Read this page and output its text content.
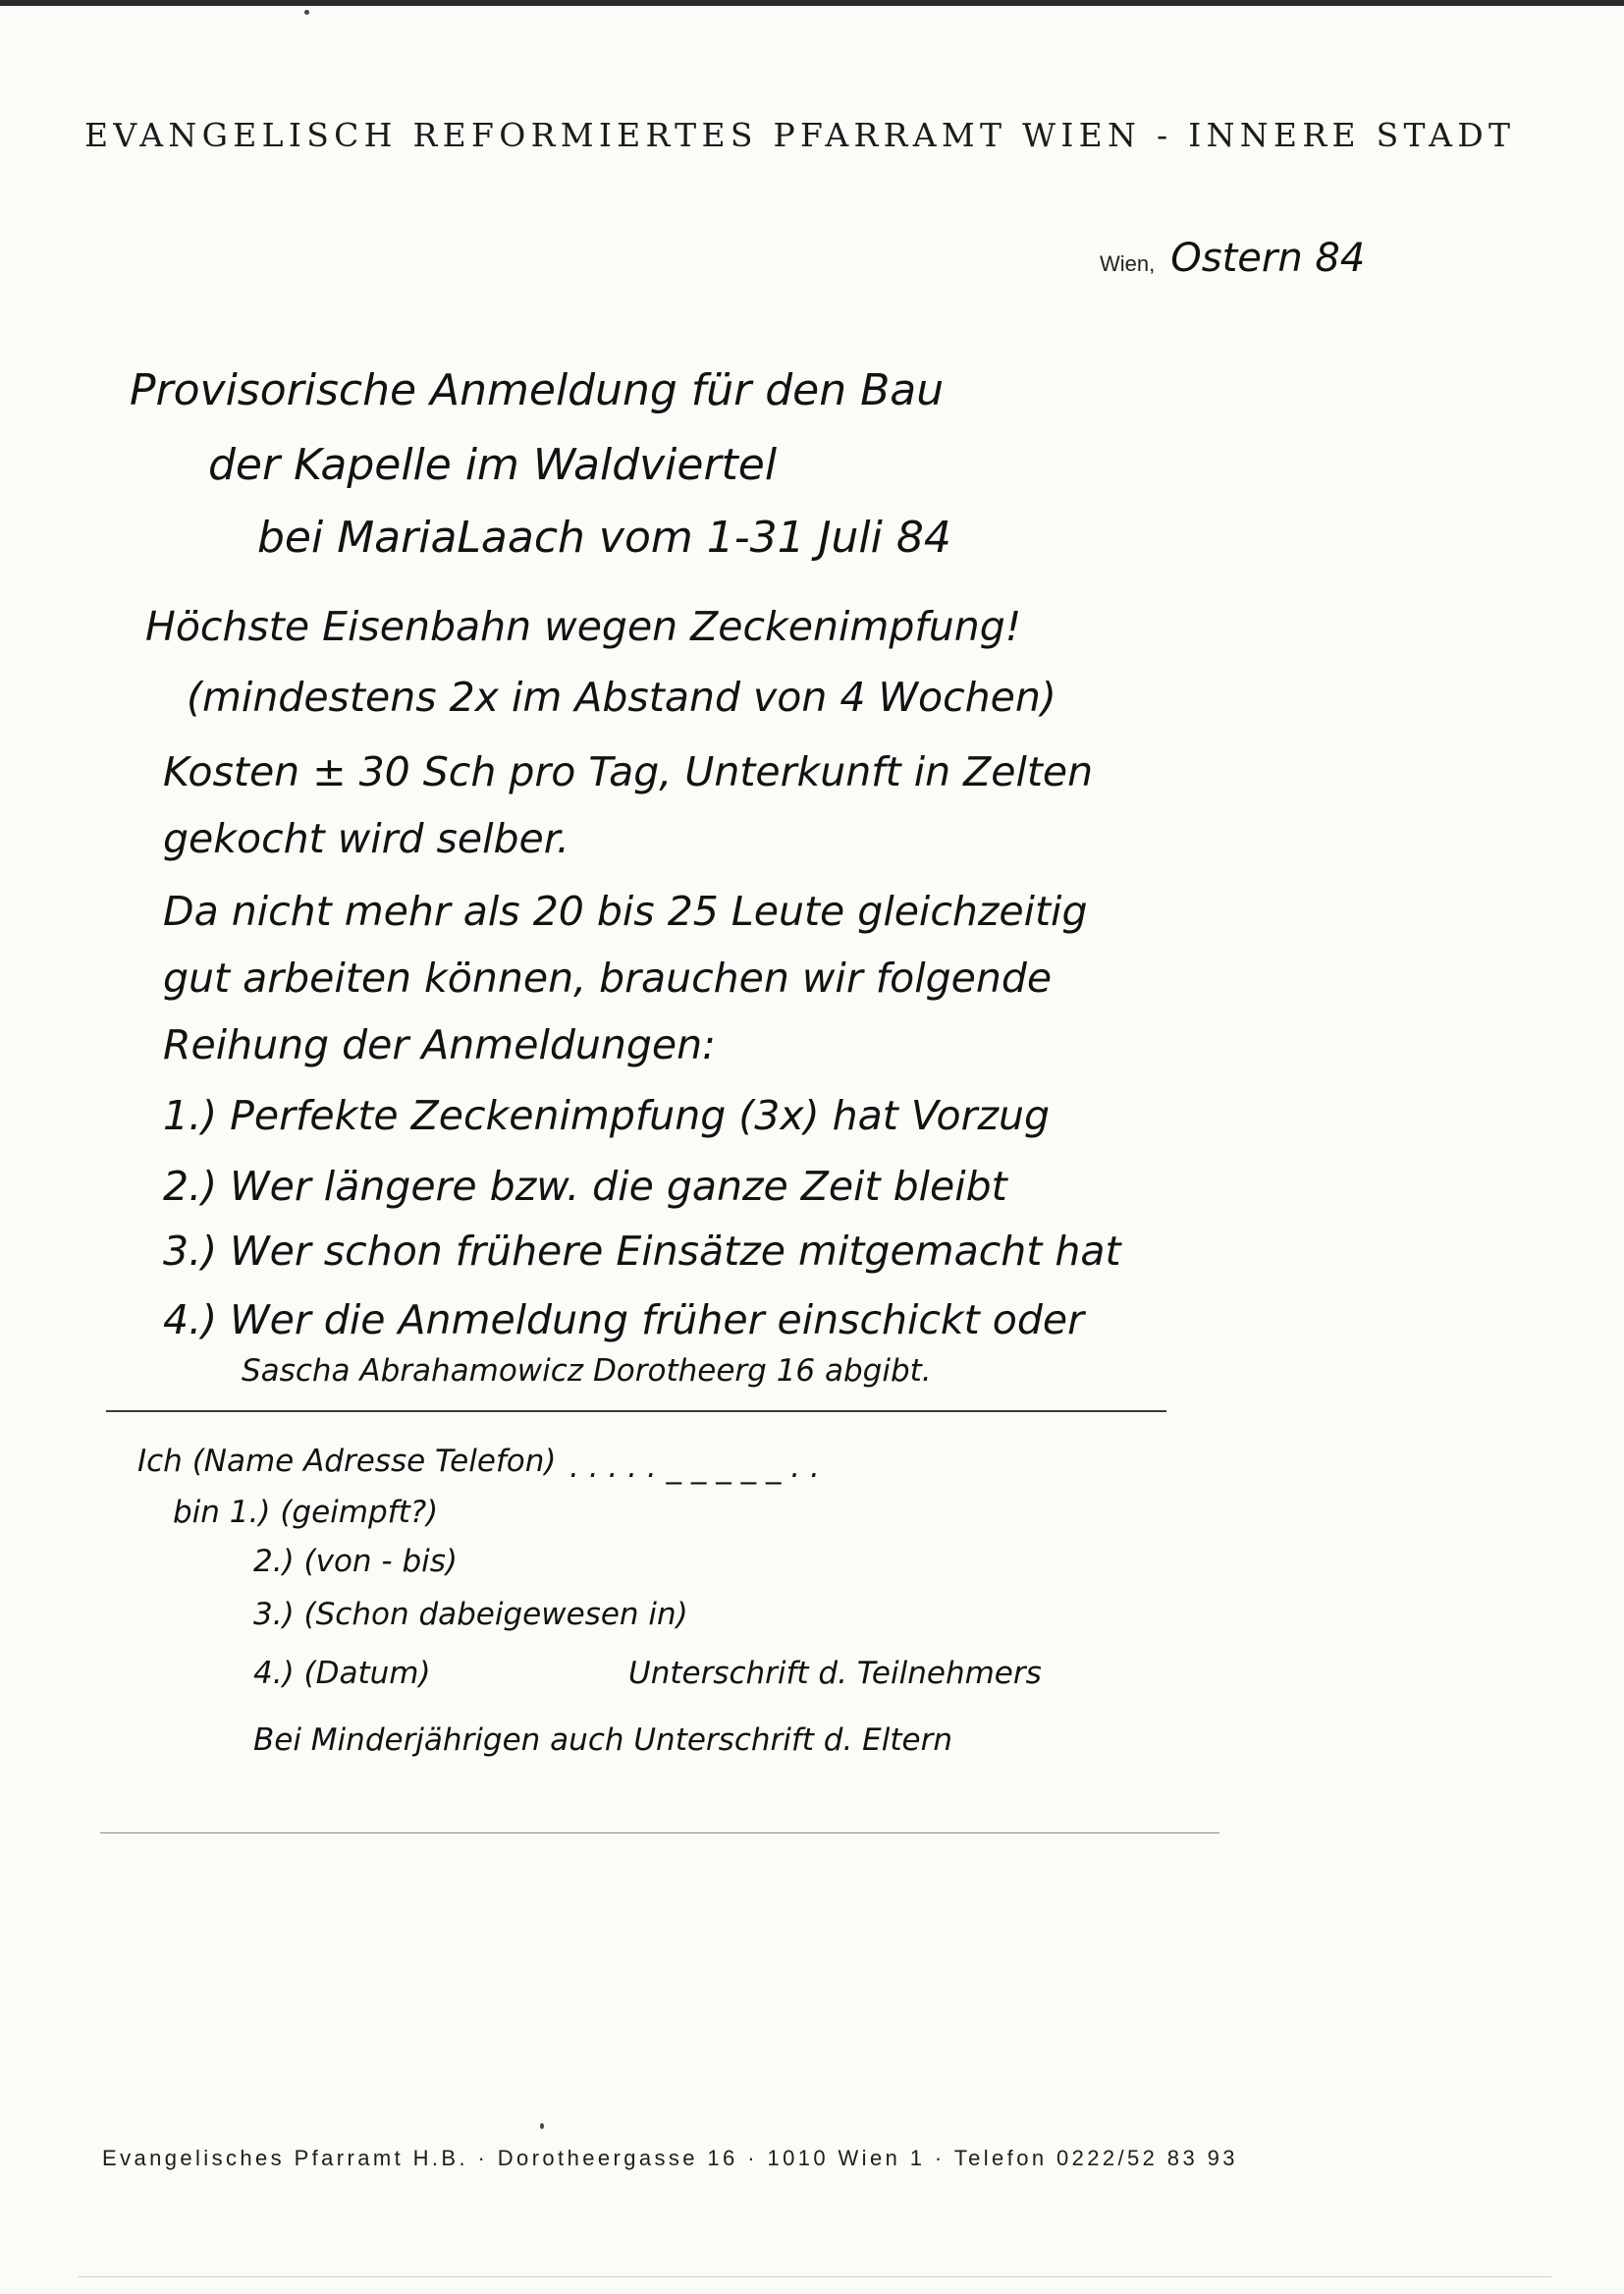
EVANGELISCH REFORMIERTES PFARRAMT WIEN - INNERE STADT
Wien, Ostern 84
Provisorische Anmeldung für den Bau
der Kapelle im Waldviertel
bei MariaLaach vom 1-31 Juli 84
Höchste Eisenbahn wegen Zeckenimpfung!
(mindestens 2x im Abstand von 4 Wochen)
Kosten ± 30 Sch pro Tag, Unterkunft in Zelten
gekocht wird selber.
Da nicht mehr als 20 bis 25 Leute gleichzeitig
gut arbeiten können, brauchen wir folgende
Reihung der Anmeldungen:
1.) Perfekte Zeckenimpfung (3x) hat Vorzug
2.) Wer längere bzw. die ganze Zeit bleibt
3.) Wer schon frühere Einsätze mitgemacht hat
4.) Wer die Anmeldung früher einschickt oder
Sascha Abrahamowicz Dorotheerg 16 abgibt.
Ich (Name Adresse Telefon) . . . . . _ _ _ _ _ . .
bin 1.) (geimpft?)
2.) (von - bis)
3.) (Schon dabeigewesen in)
4.) (Datum)	Unterschrift d. Teilnehmers
Bei Minderjährigen auch Unterschrift d. Eltern
Evangelisches Pfarramt H.B. · Dorotheergasse 16 · 1010 Wien 1 · Telefon 0222/52 83 93
